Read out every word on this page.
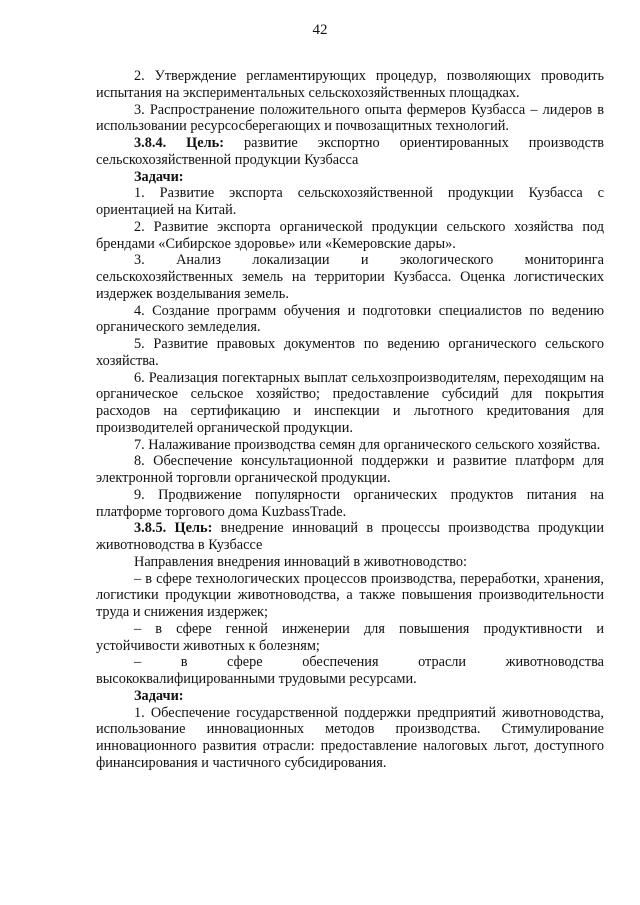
42

2. Утверждение регламентирующих процедур, позволяющих проводить испытания на экспериментальных сельскохозяйственных площадках.

3. Распространение положительного опыта фермеров Кузбасса – лидеров в использовании ресурсосберегающих и почвозащитных технологий.

3.8.4. Цель: развитие экспортно ориентированных производств сельскохозяйственной продукции Кузбасса

Задачи:

1. Развитие экспорта сельскохозяйственной продукции Кузбасса с ориентацией на Китай.

2. Развитие экспорта органической продукции сельского хозяйства под брендами «Сибирское здоровье» или «Кемеровские дары».

3. Анализ локализации и экологического мониторинга сельскохозяйственных земель на территории Кузбасса. Оценка логистических издержек возделывания земель.

4. Создание программ обучения и подготовки специалистов по ведению органического земледелия.

5. Развитие правовых документов по ведению органического сельского хозяйства.

6. Реализация погектарных выплат сельхозпроизводителям, переходящим на органическое сельское хозяйство; предоставление субсидий для покрытия расходов на сертификацию и инспекции и льготного кредитования для производителей органической продукции.

7. Налаживание производства семян для органического сельского хозяйства.

8. Обеспечение консультационной поддержки и развитие платформ для электронной торговли органической продукции.

9. Продвижение популярности органических продуктов питания на платформе торгового дома KuzbassTrade.

3.8.5. Цель: внедрение инноваций в процессы производства продукции животноводства в Кузбассе

Направления внедрения инноваций в животноводство:

– в сфере технологических процессов производства, переработки, хранения, логистики продукции животноводства, а также повышения производительности труда и снижения издержек;

– в сфере генной инженерии для повышения продуктивности и устойчивости животных к болезням;

– в сфере обеспечения отрасли животноводства высококвалифицированными трудовыми ресурсами.

Задачи:

1. Обеспечение государственной поддержки предприятий животноводства, использование инновационных методов производства. Стимулирование инновационного развития отрасли: предоставление налоговых льгот, доступного финансирования и частичного субсидирования.
